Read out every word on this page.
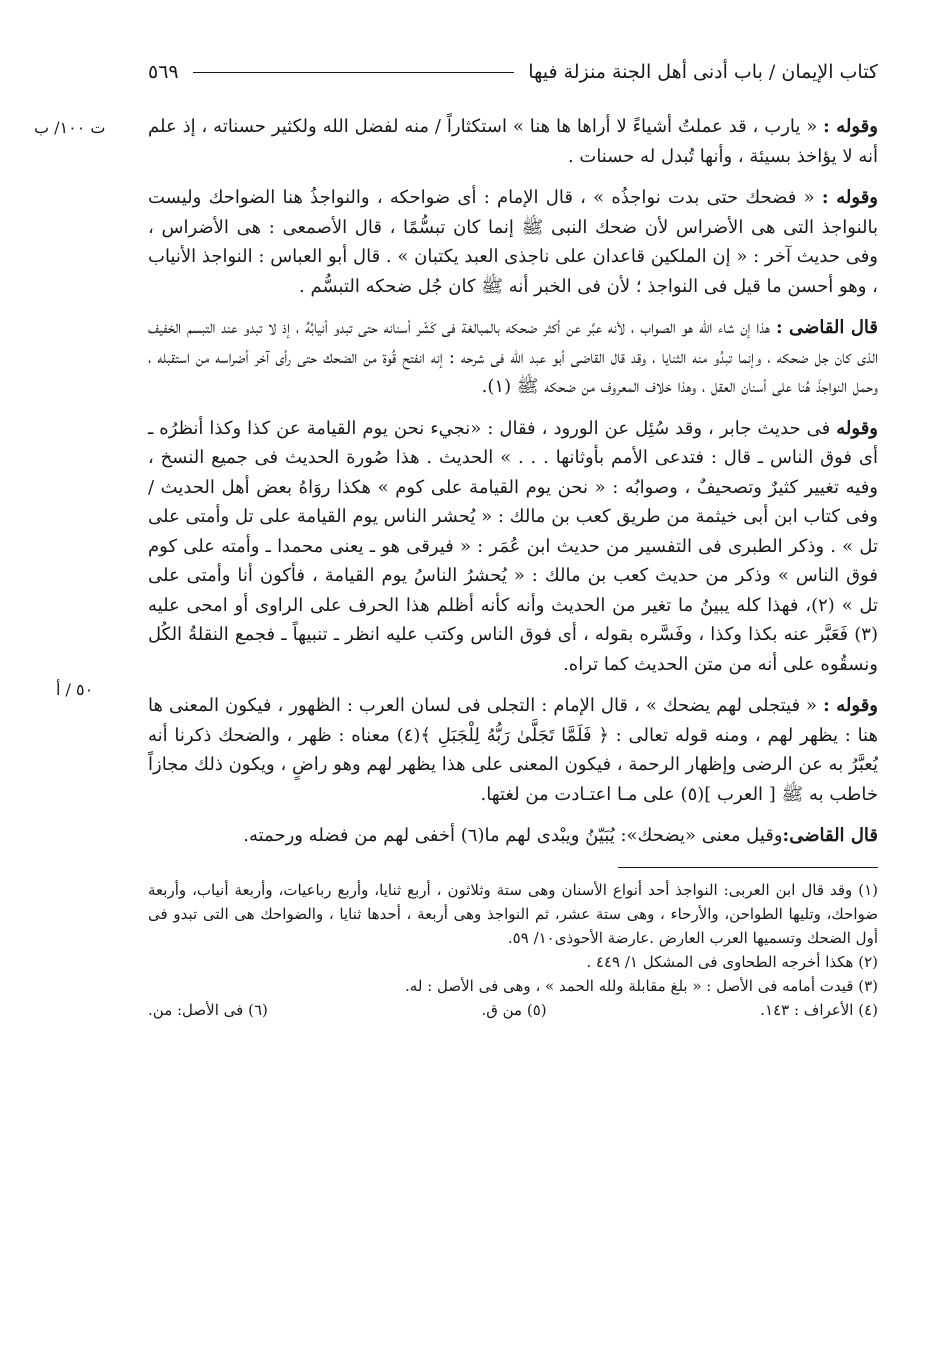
كتاب الإيمان / باب أدنى أهل الجنة منزلة فيها
٥٦٩
ت ١٠٠/ ب
٥٠ / أ

وقوله : « يارب ، قد عملتُ أشياءً لا أراها ها هنا » استكثاراً / منه لفضل الله ولكثير حسناته ، إذ علم أنه لا يؤاخذ بسيئة ، وأنها تُبدل له حسنات .

وقوله : « فضحك حتى بدت نواجذُه » ، قال الإمام : أى ضواحكه ، والنواجذُ هنا الضواحك وليست بالنواجذ التى هى الأضراس لأن ضحك النبى ﷺ إنما كان تبسُّمًا ، قال الأصمعى : هى الأضراس ، وفى حديث آخر : « إن الملكين قاعدان على ناجذى العبد يكتبان » . قال أبو العباس : النواجذ الأنياب ، وهو أحسن ما قيل فى النواجذ ؛ لأن فى الخبر أنه ﷺ كان جُل ضحكه التبسُّم .

قال القاضى : هذا إن شاء الله هو الصواب ، لأنه عبَّر عن أكثر ضحكه بالمبالغة فى كَشْر أسنانه حتى تبدو أنيابُهُ ، إذ لا تبدو عند التبسم الخفيف الذى كان جل ضحكه ، وإنما تبدُو منه الثنايا ، وقد قال القاضى أبو عبد الله فى شرحه : إنه انفتح قُوة من الضحك حتى رأى آخر أضراسه من استقبله ، وحمل النواجذَ هُنا على أسنان العقل ، وهذا خلاف المعروف من ضحكه ﷺ (١).

وقوله فى حديث جابر ، وقد سُئِل عن الورود ، فقال : «نجيء نحن يوم القيامة عن كذا وكذا أنظرُه ـ أى فوق الناس ـ قال : فتدعى الأمم بأوثانها . . . » الحديث . هذا صُورة الحديث فى جميع النسخ ، وفيه تغيير كثيرٌ وتصحيفٌ ، وصوابُه : « نحن يوم القيامة على كوم » هكذا روَاهُ بعض أهل الحديث / وفى كتاب ابن أبى خيثمة من طريق كعب بن مالك : « يُحشر الناس يوم القيامة على تل وأمتى على تل » . وذكر الطبرى فى التفسير من حديث ابن عُمَر : « فيرقى هو ـ يعنى محمدا ـ وأمته على كوم فوق الناس » وذكر من حديث كعب بن مالك : « يُحشرُ الناسُ يوم القيامة ، فأكون أنا وأمتى على تل » (٢)، فهذا كله يبينُ ما تغير من الحديث وأنه كأنه أظلم هذا الحرف على الراوى أو امحى عليه (٣) فَعَبَّر عنه بكذا وكذا ، وفَسَّره بقوله ، أى فوق الناس وكتب عليه انظر ـ تنبيهاً ـ فجمع النقلةُ الكُل ونسقُوه على أنه من متن الحديث كما تراه.

وقوله : « فيتجلى لهم يضحك » ، قال الإمام : التجلى فى لسان العرب : الظهور ، فيكون المعنى ها هنا : يظهر لهم ، ومنه قوله تعالى : ﴿ فَلَمَّا تَجَلَّىٰ رَبُّهُ لِلْجَبَلِ ﴾(٤) معناه : ظهر ، والضحك ذكرنا أنه يُعبَّرُ به عن الرضى وإظهار الرحمة ، فيكون المعنى على هذا يظهر لهم وهو راضٍ ، ويكون ذلك مجازاً خاطب به ﷺ [ العرب ](٥) على مـا اعتـادت من لغتها.

قال القاضى:وقيل معنى «يضحك»: يُبَيّنُ ويبْدى لهم ما(٦) أخفى لهم من فضله ورحمته.

(١) وقد قال ابن العربى: النواجذ أحد أنواع الأسنان وهى ستة وثلاثون ، أربع ثنايا، وأربع رباعيات، وأربعة أنياب، وأربعة ضواحك، وتليها الطواحن، والأرحاء ، وهى ستة عشر، ثم النواجذ وهى أربعة ، أحدها ثنايا ، والضواحك هى التى تبدو فى أول الضحك وتسميها العرب العارض .عارضة الأحوذى١٠/ ٥٩.

(٢) هكذا أخرجه الطحاوى فى المشكل ١/ ٤٤٩ .

(٣) قيدت أمامه فى الأصل : « بلغ مقابلة ولله الحمد » ، وهى فى الأصل : له.

(٤) الأعراف : ١٤٣.
(٥) من ق.
(٦) فى الأصل: من.
